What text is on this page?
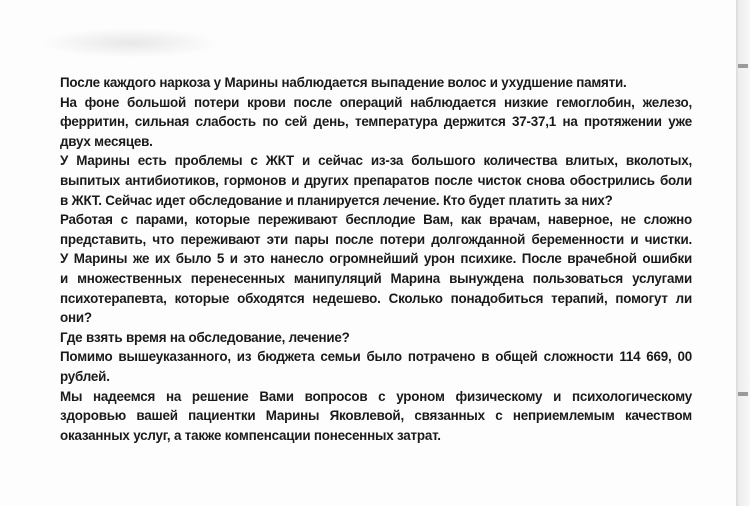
После каждого наркоза у Марины наблюдается выпадение волос и ухудшение памяти.

На фоне большой потери крови после операций наблюдается низкие гемоглобин, железо,

ферритин, сильная слабость по сей день, температура держится 37-37,1 на протяжении уже

двух месяцев.

У Марины есть проблемы с ЖКТ и сейчас из-за большого количества влитых, вколотых,

выпитых антибиотиков, гормонов и других препаратов после чисток снова обострились боли

в ЖКТ. Сейчас идет обследование и планируется лечение. Кто будет платить за них?

Работая с парами, которые переживают бесплодие Вам, как врачам, наверное, не сложно

представить, что переживают эти пары после потери долгожданной беременности и чистки.

У Марины же их было 5 и это нанесло огромнейший урон психике. После врачебной ошибки

и множественных перенесенных манипуляций Марина вынуждена пользоваться услугами

психотерапевта, которые обходятся недешево. Сколько понадобиться терапий, помогут ли

они?

Где взять время на обследование, лечение?

Помимо вышеуказанного, из бюджета семьи было потрачено в общей сложности 114 669, 00

рублей.

Мы надеемся на решение Вами вопросов с уроном физическому и психологическому

здоровью вашей пациентки Марины Яковлевой, связанных с неприемлемым качеством

оказанных услуг, а также компенсации понесенных затрат.
